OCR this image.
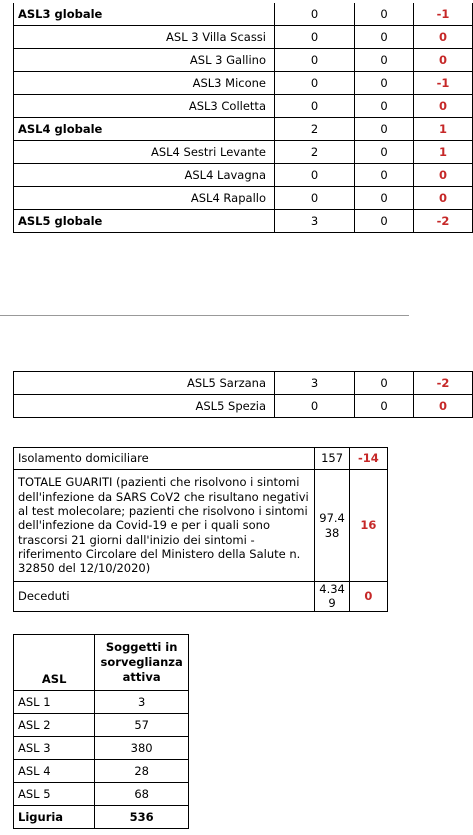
ASL3 globale	0	0	-1
ASL 3 Villa Scassi	0	0	0
ASL 3 Gallino	0	0	0
ASL3 Micone	0	0	-1
ASL3 Colletta	0	0	0
ASL4 globale	2	0	1
ASL4 Sestri Levante	2	0	1
ASL4 Lavagna	0	0	0
ASL4 Rapallo	0	0	0
ASL5 globale	3	0	-2
ASL5 Sarzana	3	0	-2
ASL5 Spezia	0	0	0
Isolamento domiciliare	157	-14
TOTALE GUARITI (pazienti che risolvono i sintomi dell'infezione da SARS CoV2 che risultano negativi al test molecolare; pazienti che risolvono i sintomi dell'infezione da Covid-19 e per i quali sono trascorsi 21 giorni dall'inizio dei sintomi - riferimento Circolare del Ministero della Salute n. 32850 del 12/10/2020)	97.438	16
Deceduti	4.349	0
ASL	Soggetti in sorveglianza attiva
ASL 1	3
ASL 2	57
ASL 3	380
ASL 4	28
ASL 5	68
Liguria	536
